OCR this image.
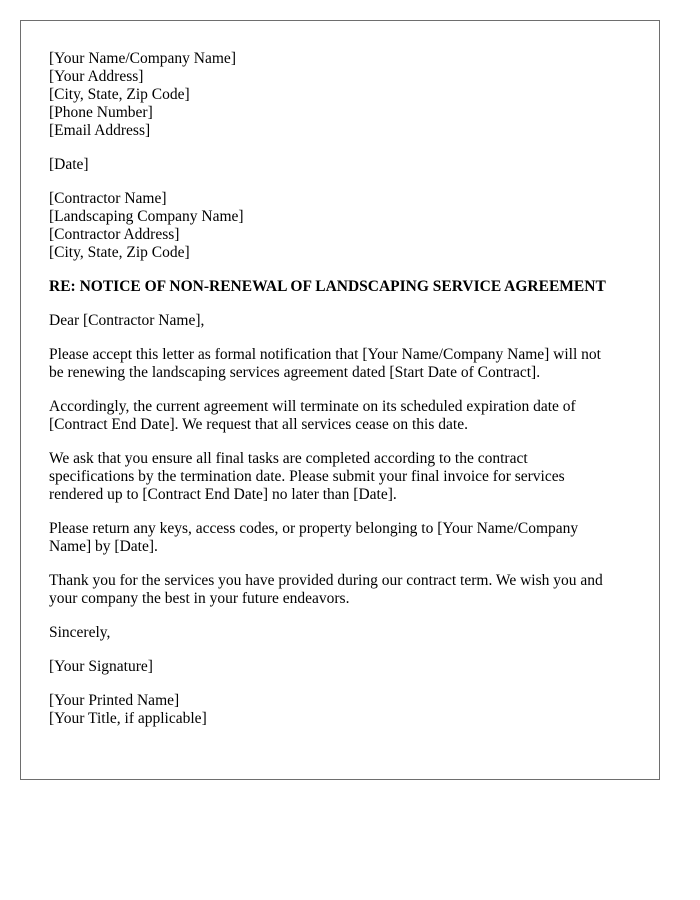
[Your Name/Company Name]
[Your Address]
[City, State, Zip Code]
[Phone Number]
[Email Address]
[Date]
[Contractor Name]
[Landscaping Company Name]
[Contractor Address]
[City, State, Zip Code]
RE: NOTICE OF NON-RENEWAL OF LANDSCAPING SERVICE AGREEMENT
Dear [Contractor Name],
Please accept this letter as formal notification that [Your Name/Company Name] will not
be renewing the landscaping services agreement dated [Start Date of Contract].
Accordingly, the current agreement will terminate on its scheduled expiration date of
[Contract End Date]. We request that all services cease on this date.
We ask that you ensure all final tasks are completed according to the contract
specifications by the termination date. Please submit your final invoice for services
rendered up to [Contract End Date] no later than [Date].
Please return any keys, access codes, or property belonging to [Your Name/Company
Name] by [Date].
Thank you for the services you have provided during our contract term. We wish you and
your company the best in your future endeavors.
Sincerely,
[Your Signature]
[Your Printed Name]
[Your Title, if applicable]
